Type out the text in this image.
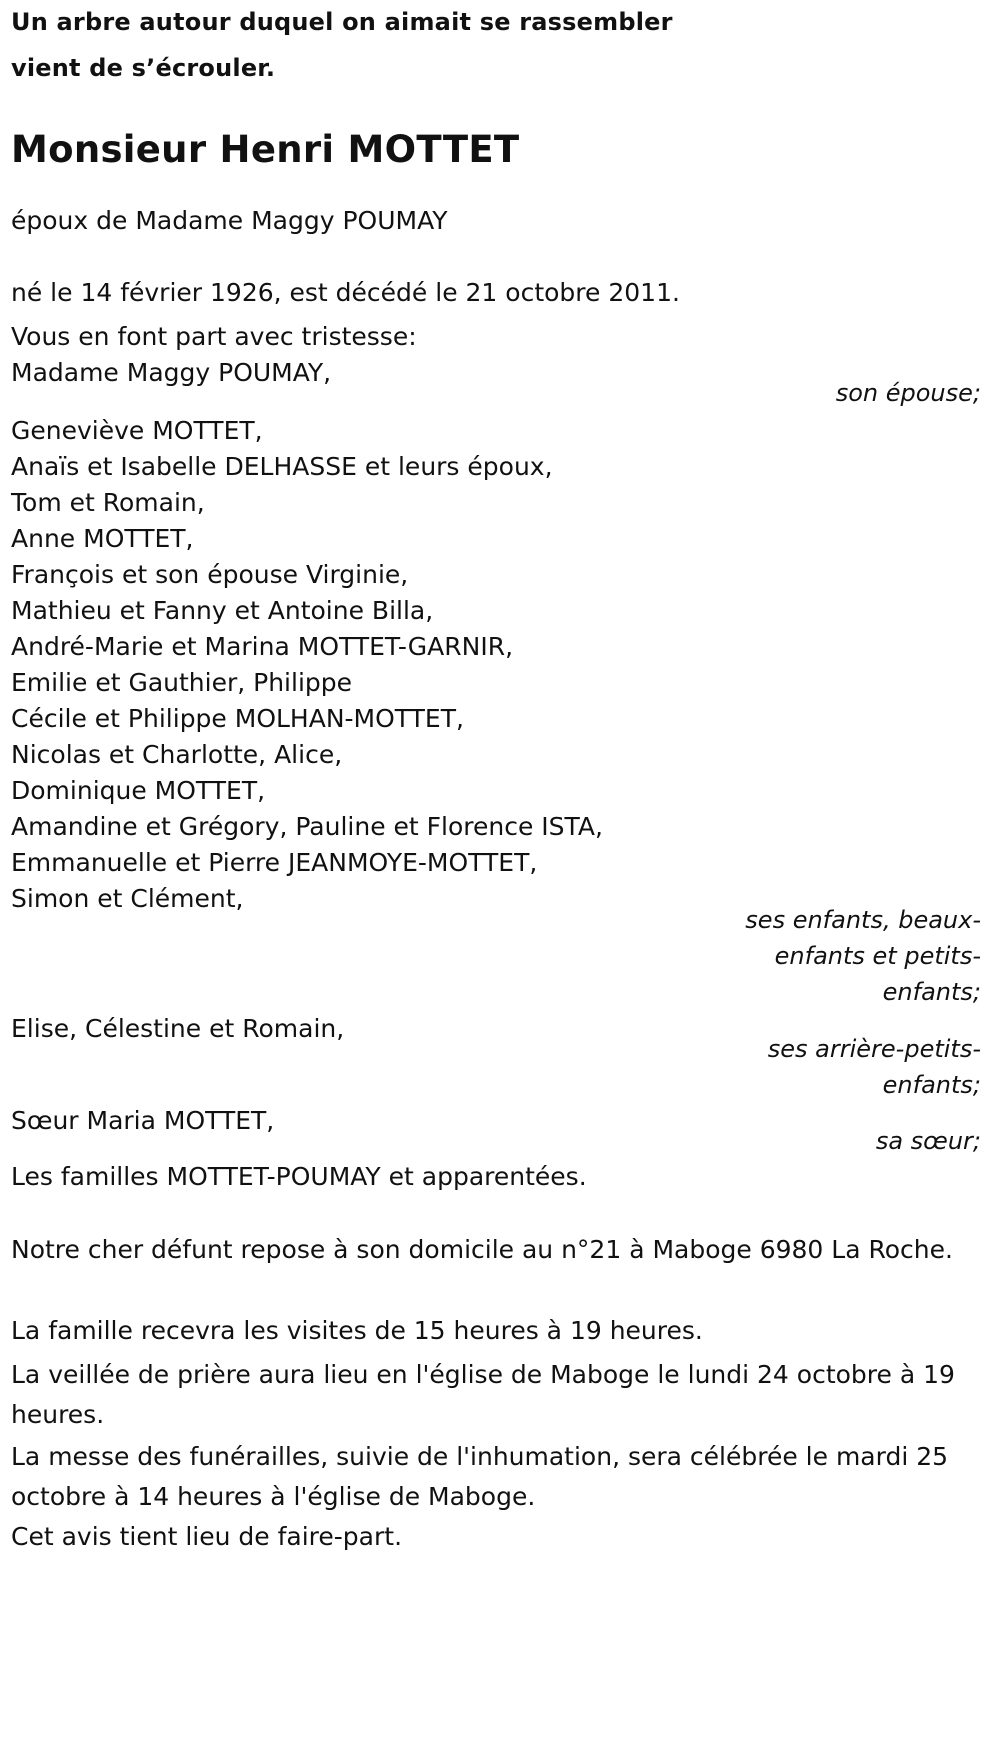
Un arbre autour duquel on aimait se rassembler
vient de s’écrouler.
Monsieur Henri MOTTET
époux de Madame Maggy POUMAY
né le 14 février 1926, est décédé le 21 octobre 2011.
Vous en font part avec tristesse:
Madame Maggy POUMAY,
son épouse;
Geneviève MOTTET,
Anaïs et Isabelle DELHASSE et leurs époux,
Tom et Romain,
Anne MOTTET,
François et son épouse Virginie,
Mathieu et Fanny et Antoine Billa,
André-Marie et Marina MOTTET-GARNIR,
Emilie et Gauthier, Philippe
Cécile et Philippe MOLHAN-MOTTET,
Nicolas et Charlotte, Alice,
Dominique MOTTET,
Amandine et Grégory, Pauline et Florence ISTA,
Emmanuelle et Pierre JEANMOYE-MOTTET,
Simon et Clément,
ses enfants, beaux-
enfants et petits-
enfants;
Elise, Célestine et Romain,
ses arrière-petits-
enfants;
Sœur Maria MOTTET,
sa sœur;
Les familles MOTTET-POUMAY et apparentées.
Notre cher défunt repose à son domicile au n°21 à Maboge 6980 La Roche.
La famille recevra les visites de 15 heures à 19 heures.
La veillée de prière aura lieu en l'église de Maboge le lundi 24 octobre à 19 heures.
La messe des funérailles, suivie de l'inhumation, sera célébrée le mardi 25 octobre à 14 heures à l'église de Maboge.
Cet avis tient lieu de faire-part.
